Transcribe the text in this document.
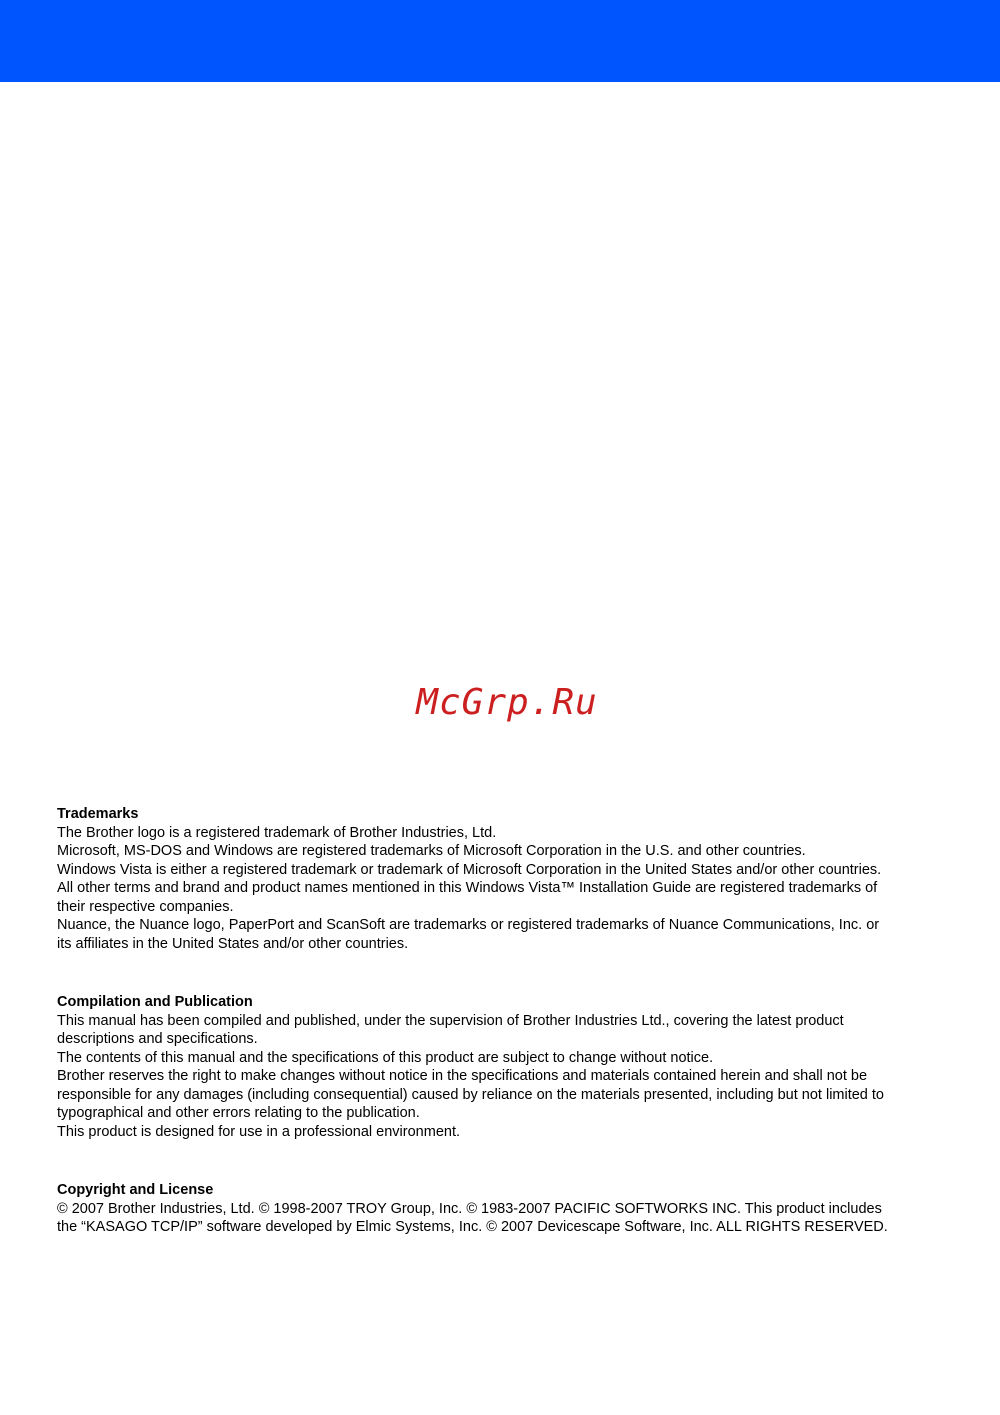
McGrp.Ru
Trademarks

The Brother logo is a registered trademark of Brother Industries, Ltd.

Microsoft, MS-DOS and Windows are registered trademarks of Microsoft Corporation in the U.S. and other countries.

Windows Vista is either a registered trademark or trademark of Microsoft Corporation in the United States and/or other countries.

All other terms and brand and product names mentioned in this Windows Vista™ Installation Guide are registered trademarks of their respective companies.

Nuance, the Nuance logo, PaperPort and ScanSoft are trademarks or registered trademarks of Nuance Communications, Inc. or its affiliates in the United States and/or other countries.

Compilation and Publication

This manual has been compiled and published, under the supervision of Brother Industries Ltd., covering the latest product descriptions and specifications.

The contents of this manual and the specifications of this product are subject to change without notice.

Brother reserves the right to make changes without notice in the specifications and materials contained herein and shall not be responsible for any damages (including consequential) caused by reliance on the materials presented, including but not limited to typographical and other errors relating to the publication.

This product is designed for use in a professional environment.

Copyright and License

© 2007 Brother Industries, Ltd. © 1998-2007 TROY Group, Inc. © 1983-2007 PACIFIC SOFTWORKS INC. This product includes the “KASAGO TCP/IP” software developed by Elmic Systems, Inc. © 2007 Devicescape Software, Inc. ALL RIGHTS RESERVED.
